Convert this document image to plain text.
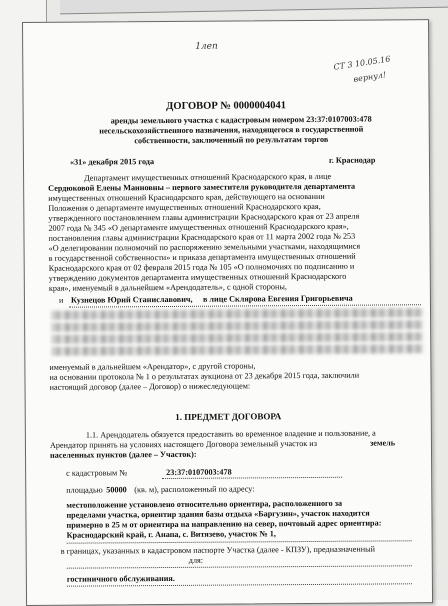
1леп
СТ 3 10.05.16
вернул!
ДОГОВОР № 0000004041
аренды земельного участка с кадастровым номером 23:37:0107003:478
несельскохозяйственного назначения, находящегося в государственной
собственности, заключенный по результатам торгов
«31» декабря 2015 года	г. Краснодар
Департамент имущественных отношений Краснодарского края, в лице
Сердюковой Елены Маиновны – первого заместителя руководителя департамента
имущественных отношений Краснодарского края, действующего на основании
Положения о департаменте имущественных отношений Краснодарского края,
утвержденного постановлением главы администрации Краснодарского края от 23 апреля
2007 года № 345 «О департаменте имущественных отношений Краснодарского края»,
постановления главы администрации Краснодарского края от 11 марта 2002 года № 253
«О делегировании полномочий по распоряжению земельными участками, находящимися
в государственной собственности» и приказа департамента имущественных отношений
Краснодарского края от 02 февраля 2015 года № 105 «О полномочиях по подписанию и
утверждению документов департамента имущественных отношений Краснодарского
края», именуемый в дальнейшем «Арендодатель», с одной стороны,
и Кузнецов Юрий Станиславович, в лице Склярова Евгения Григорьевича
именуемый в дальнейшем «Арендатор», с другой стороны,
на основании протокола № 1 о результатах аукциона от 23 декабря 2015 года, заключили
настоящий договор (далее – Договор) о нижеследующем:
1. ПРЕДМЕТ ДОГОВОРА
1.1. Арендодатель обязуется предоставить во временное владение и пользование, а
Арендатор принять на условиях настоящего Договора земельный участок из	земель
населенных пунктов (далее – Участок):
с кадастровым №	23:37:0107003:478
площадью 50000 (кв. м), расположенный по адресу:
местоположение установлено относительно ориентира, расположенного за
пределами участка, ориентир здания базы отдыха «Баргузин», участок находится
примерно в 25 м от ориентира на направлению на север, почтовый адрес ориентира:
Краснодарский край, г. Анапа, с. Витязево, участок № 1,
в границах, указанных в кадастровом паспорте Участка (далее - КПЗУ), предназначенный
для:
гостиничного обслуживания.
